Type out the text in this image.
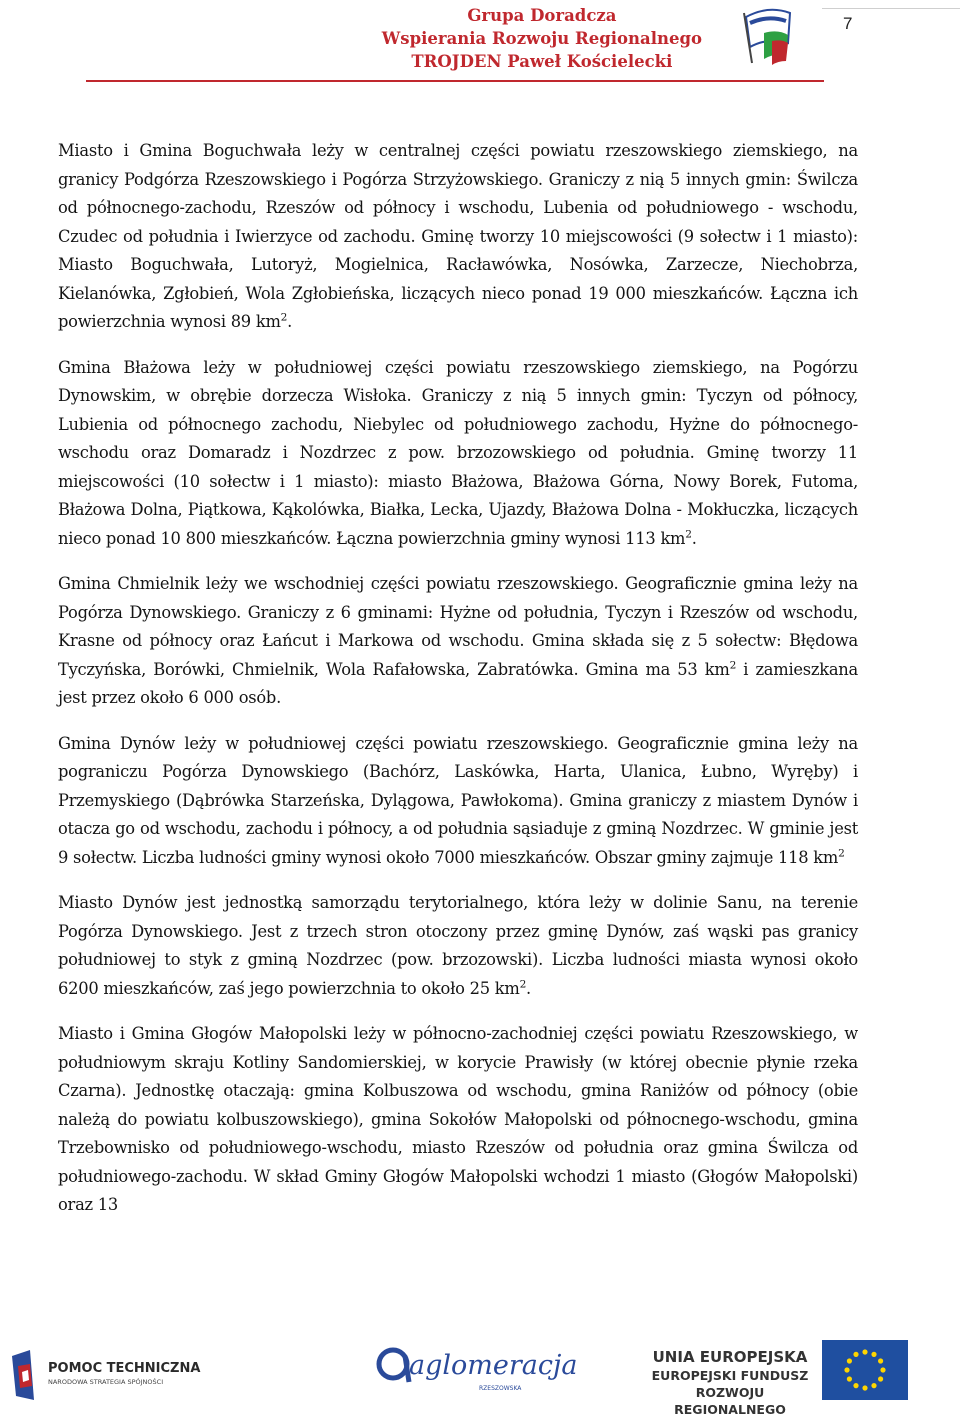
Grupa Doradcza
Wspierania Rozwoju Regionalnego
TROJDEN Paweł Kościelecki
7

Miasto i Gmina Boguchwała leży w centralnej części powiatu rzeszowskiego ziemskiego, na granicy Podgórza Rzeszowskiego i Pogórza Strzyżowskiego. Graniczy z nią 5 innych gmin: Świlcza od północnego-zachodu, Rzeszów od północy i wschodu, Lubenia od południowego - wschodu, Czudec od południa i Iwierzyce od zachodu. Gminę tworzy 10 miejscowości (9 sołectw i 1 miasto): Miasto Boguchwała, Lutoryż, Mogielnica, Racławówka, Nosówka, Zarzecze, Niechobrza, Kielanówka, Zgłobień, Wola Zgłobieńska, liczących nieco ponad 19 000 mieszkańców. Łączna ich powierzchnia wynosi 89 $km^2$.

Gmina Błażowa leży w południowej części powiatu rzeszowskiego ziemskiego, na Pogórzu Dynowskim, w obrębie dorzecza Wisłoka. Graniczy z nią 5 innych gmin: Tyczyn od północy, Lubienia od północnego zachodu, Niebylec od południowego zachodu, Hyżne do północnego-wschodu oraz Domaradz i Nozdrzec z pow. brzozowskiego od południa. Gminę tworzy 11 miejscowości (10 sołectw i 1 miasto): miasto Błażowa, Błażowa Górna, Nowy Borek, Futoma, Błażowa Dolna, Piątkowa, Kąkolówka, Białka, Lecka, Ujazdy, Błażowa Dolna - Mokłuczka, liczących nieco ponad 10 800 mieszkańców. Łączna powierzchnia gminy wynosi 113 $km^2$.

Gmina Chmielnik leży we wschodniej części powiatu rzeszowskiego. Geograficznie gmina leży na Pogórza Dynowskiego. Graniczy z 6 gminami: Hyżne od południa, Tyczyn i Rzeszów od wschodu, Krasne od północy oraz Łańcut i Markowa od wschodu. Gmina składa się z 5 sołectw: Błędowa Tyczyńska, Borówki, Chmielnik, Wola Rafałowska, Zabratówka. Gmina ma 53 $km^2$ i zamieszkana jest przez około 6 000 osób.

Gmina Dynów leży w południowej części powiatu rzeszowskiego. Geograficznie gmina leży na pograniczu Pogórza Dynowskiego (Bachórz, Laskówka, Harta, Ulanica, Łubno, Wyręby) i Przemyskiego (Dąbrówka Starzeńska, Dylągowa, Pawłokoma). Gmina graniczy z miastem Dynów i otacza go od wschodu, zachodu i północy, a od południa sąsiaduje z gminą Nozdrzec. W gminie jest 9 sołectw. Liczba ludności gminy wynosi około 7000 mieszkańców. Obszar gminy zajmuje 118 $km^2$

Miasto Dynów jest jednostką samorządu terytorialnego, która leży w dolinie Sanu, na terenie Pogórza Dynowskiego. Jest z trzech stron otoczony przez gminę Dynów, zaś wąski pas granicy południowej to styk z gminą Nozdrzec (pow. brzozowski). Liczba ludności miasta wynosi około 6200 mieszkańców, zaś jego powierzchnia to około 25 $km^2$.

Miasto i Gmina Głogów Małopolski leży w północno-zachodniej części powiatu Rzeszowskiego, w południowym skraju Kotliny Sandomierskiej, w korycie Prawisły (w której obecnie płynie rzeka Czarna). Jednostkę otaczają: gmina Kolbuszowa od wschodu, gmina Raniżów od północy (obie należą do powiatu kolbuszowskiego), gmina Sokołów Małopolski od północnego-wschodu, gmina Trzebownisko od południowego-wschodu, miasto Rzeszów od południa oraz gmina Świlcza od południowego-zachodu. W skład Gminy Głogów Małopolski wchodzi 1 miasto (Głogów Małopolski) oraz 13

POMOC TECHNICZNA
NARODOWA STRATEGIA SPÓJNOŚCI
aglomeracja
RZESZOWSKA
UNIA EUROPEJSKA
EUROPEJSKI FUNDUSZ
ROZWOJU REGIONALNEGO
